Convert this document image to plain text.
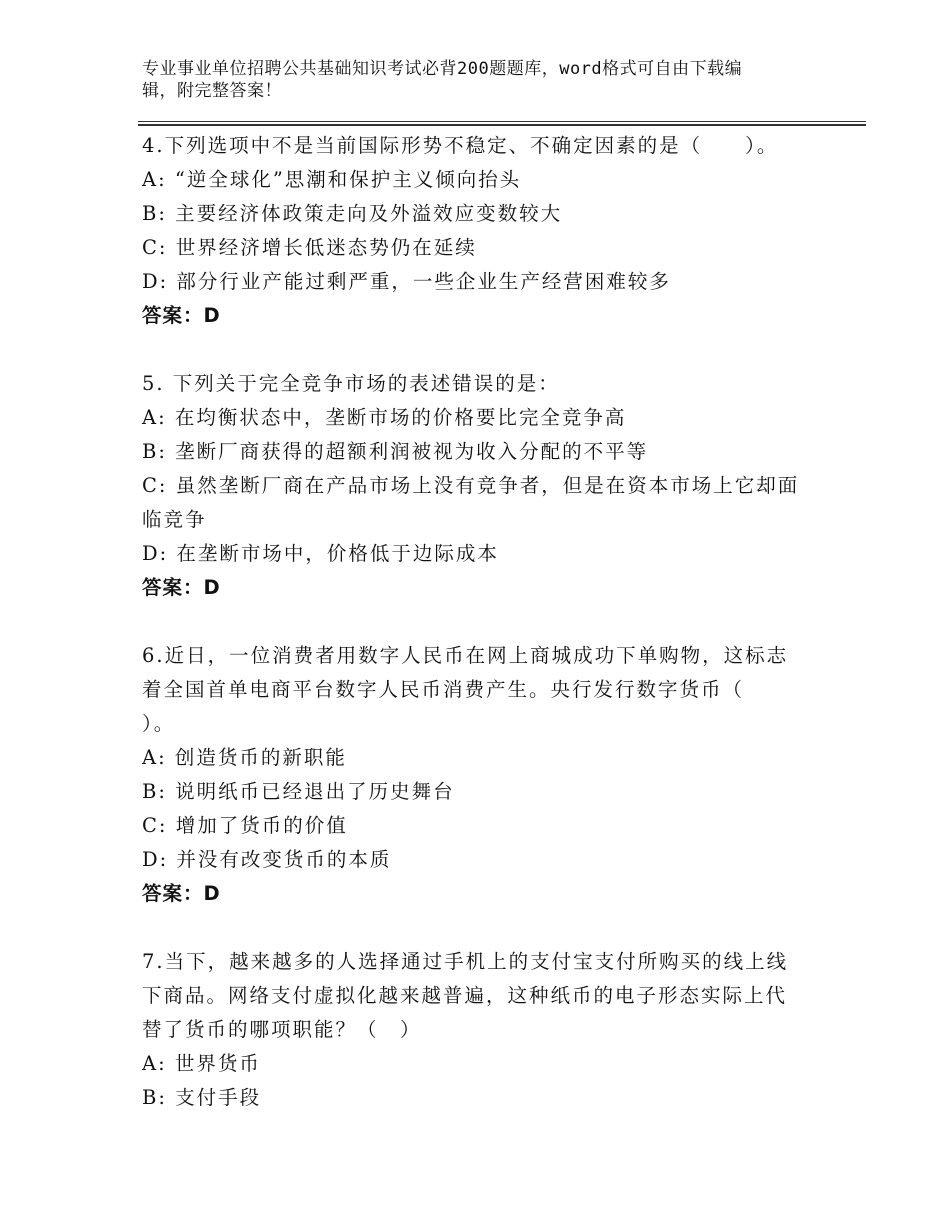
专业事业单位招聘公共基础知识考试必背200题题库，word格式可自由下载编
辑，附完整答案！
4.下列选项中不是当前国际形势不稳定、不确定因素的是（　　）。
A: “逆全球化”思潮和保护主义倾向抬头
B: 主要经济体政策走向及外溢效应变数较大
C: 世界经济增长低迷态势仍在延续
D: 部分行业产能过剩严重，一些企业生产经营困难较多
答案：D
5. 下列关于完全竞争市场的表述错误的是：
A: 在均衡状态中，垄断市场的价格要比完全竞争高
B: 垄断厂商获得的超额利润被视为收入分配的不平等
C: 虽然垄断厂商在产品市场上没有竞争者，但是在资本市场上它却面
临竞争
D: 在垄断市场中，价格低于边际成本
答案：D
6.近日，一位消费者用数字人民币在网上商城成功下单购物，这标志
着全国首单电商平台数字人民币消费产生。央行发行数字货币（
）。
A: 创造货币的新职能
B: 说明纸币已经退出了历史舞台
C: 增加了货币的价值
D: 并没有改变货币的本质
答案：D
7.当下，越来越多的人选择通过手机上的支付宝支付所购买的线上线
下商品。网络支付虚拟化越来越普遍，这种纸币的电子形态实际上代
替了货币的哪项职能？（　）
A: 世界货币
B: 支付手段
